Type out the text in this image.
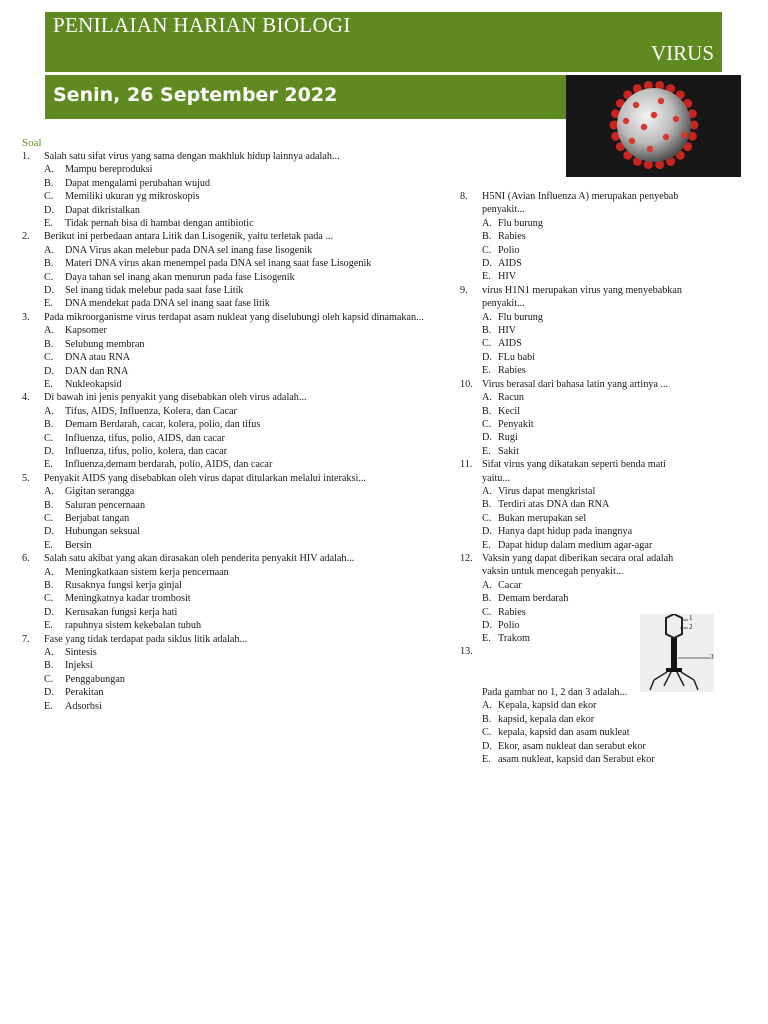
PENILAIAN HARIAN BIOLOGI
VIRUS
Senin, 26 September 2022
Soal
1.	Salah satu sifat virus yang sama dengan makhluk hidup lainnya adalah...
A.	Mampu bereproduksi
B.	Dapat mengalami perubahan wujud
C.	Memiliki ukuran yg mikroskopis
D.	Dapat dikristalkan
E.	Tidak pernah bisa di hambat dengan antibiotic
2.	Berikut ini perbedaan antara Litik dan Lisogenik, yaitu terletak pada ...
A.	DNA Virus akan melebur pada DNA sel inang fase lisogenik
B.	Materi DNA virus akan menempel pada DNA sel inang saat fase Lisogenik
C.	Daya tahan sel inang akan menurun pada fase Lisogenik
D.	Sel inang tidak melebur pada saat fase Litik
E.	DNA mendekat pada DNA sel inang saat fase litik
3.	Pada mikroorganisme virus terdapat asam nukleat yang diselubungi oleh kapsid dinamakan...
A.	Kapsomer
B.	Selubung membran
C.	DNA atau RNA
D.	DAN dan RNA
E.	Nukleokapsid
4.	Di bawah ini jenis penyakit yang disebabkan oleh virus adalah...
A.	Tifus, AIDS, Influenza, Kolera, dan Cacar
B.	Demam Berdarah, cacar, kolera, polio, dan tifus
C.	Influenza, tifus, polio, AIDS, dan cacar
D.	Influenza, tifus, polio, kolera, dan cacar
E.	Influenza,demam berdarah, polio, AIDS, dan cacar
5.	Penyakit AIDS yang disebabkan oleh virus dapat ditularkan melalui interaksi...
A.	Gigitan serangga
B.	Saluran pencernaan
C.	Berjabat tangan
D.	Hubungan seksual
E.	Bersin
6.	Salah satu akibat yang akan dirasakan oleh penderita penyakit HIV adalah...
A.	Meningkatkaan sistem kerja pencernaan
B.	Rusaknya fungsi kerja ginjal
C.	Meningkatnya kadar trombosit
D.	Kerusakan fungsi kerja hati
E.	rapuhnya sistem kekebalan tubuh
7.	Fase yang tidak terdapat pada siklus litik adalah...
A.	Sintesis
B.	Injeksi
C.	Penggabungan
D.	Perakitan
E.	Adsorbsi
8.	H5NI (Avian Influenza A) merupakan penyebab penyakit...
A. Flu burung
B. Rabies
C. Polio
D. AIDS
E. HIV
9.	virus H1N1 merupakan virus yang menyebabkan penyakit...
A. Flu burung
B. HIV
C. AIDS
D. FLu babi
E. Rabies
10. Virus berasal dari bahasa latin yang artinya ...
A. Racun
B. Kecil
C. Penyakit
D. Rugi
E. Sakit
11. Sifat virus yang dikatakan seperti benda mati yaitu...
A. Virus dapat mengkristal
B. Terdiri atas DNA dan RNA
C. Bukan merupakan sel
D. Hanya dapt hidup pada inangnya
E. Dapat hidup dalam medium agar-agar
12. Vaksin yang dapat diberikan secara oral adalah vaksin untuk mencegah penyakit...
A. Cacar
B. Demam berdarah
C. Rabies
D. Polio
E. Trakom
13.
1
2
3
Pada gambar no 1, 2 dan 3 adalah...
A. Kepala, kapsid dan ekor
B. kapsid, kepala dan ekor
C. kepala, kapsid dan asam nukleat
D. Ekor, asam nukleat dan serabut ekor
E. asam nukleat, kapsid dan Serabut ekor
